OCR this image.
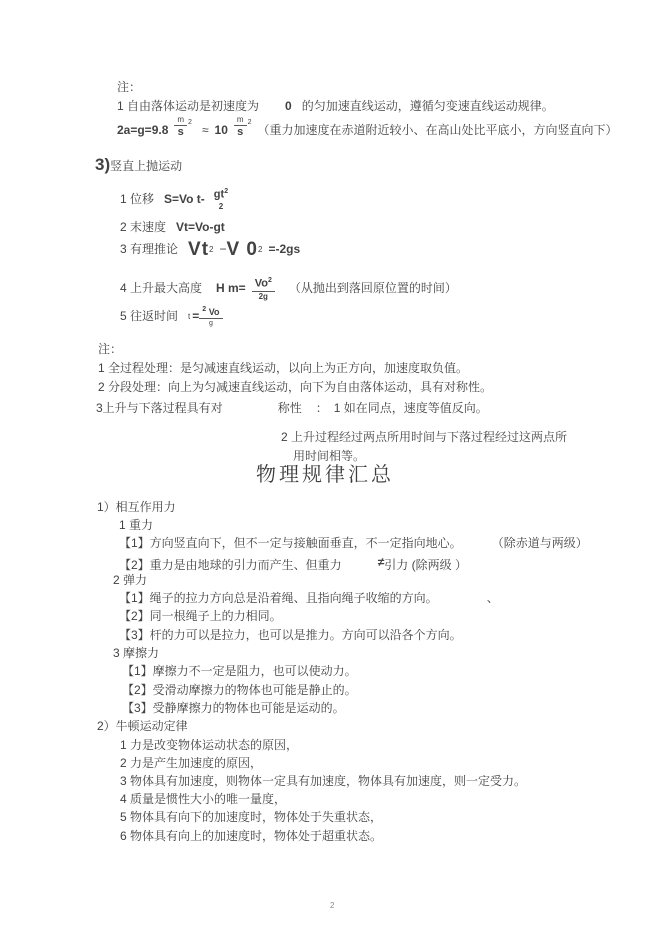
注：
1 自由落体运动是初速度为 0 的匀加速直线运动，遵循匀变速直线运动规律。
$2a=g=9.8 \frac{m}{s} 2$
≈ $10 \frac{m}{s} 2$
（重力加速度在赤道附近较小、在高山处比平底小，方向竖直向下）
3)竖直上抛运动
1 位移 S=Vo t- $gt^2$
2
2 末速度 Vt=Vo-gt
3 有理推论 Vt 2 − V 0 2 =-2gs
4 上升最大高度 H $m= \frac{Vo^2}{2g}$ （从抛出到落回原位置的时间）
5 往返时间 $t = \frac{^2 Vo}{g}$
注：
1 全过程处理：是匀减速直线运动，以向上为正方向，加速度取负值。
2 分段处理：向上为匀减速直线运动，向下为自由落体运动，具有对称性。
3上升与下落过程具有对	称性 ： 1 如在同点，速度等值反向。
2 上升过程经过两点所用时间与下落过程经过这两点所
用时间相等。
物理规律汇总
1）相互作用力
1 重力
【1】方向竖直向下，但不一定与接触面垂直，不一定指向地心。	（除赤道与两级）
【2】重力是由地球的引力而产生、但重力	≠引力 (除两级 ）
2 弹力
【1】绳子的拉力方向总是沿着绳、且指向绳子收缩的方向。	、
【2】同一根绳子上的力相同。
【3】杆的力可以是拉力，也可以是推力。方向可以沿各个方向。
3 摩擦力
【1】摩擦力不一定是阻力，也可以使动力。
【2】受滑动摩擦力的物体也可能是静止的。
【3】受静摩擦力的物体也可能是运动的。
2）牛顿运动定律
1 力是改变物体运动状态的原因，
2 力是产生加速度的原因，
3 物体具有加速度，则物体一定具有加速度，物体具有加速度，则一定受力。
4 质量是惯性大小的唯一量度，
5 物体具有向下的加速度时，物体处于失重状态，
6 物体具有向上的加速度时，物体处于超重状态。
2
